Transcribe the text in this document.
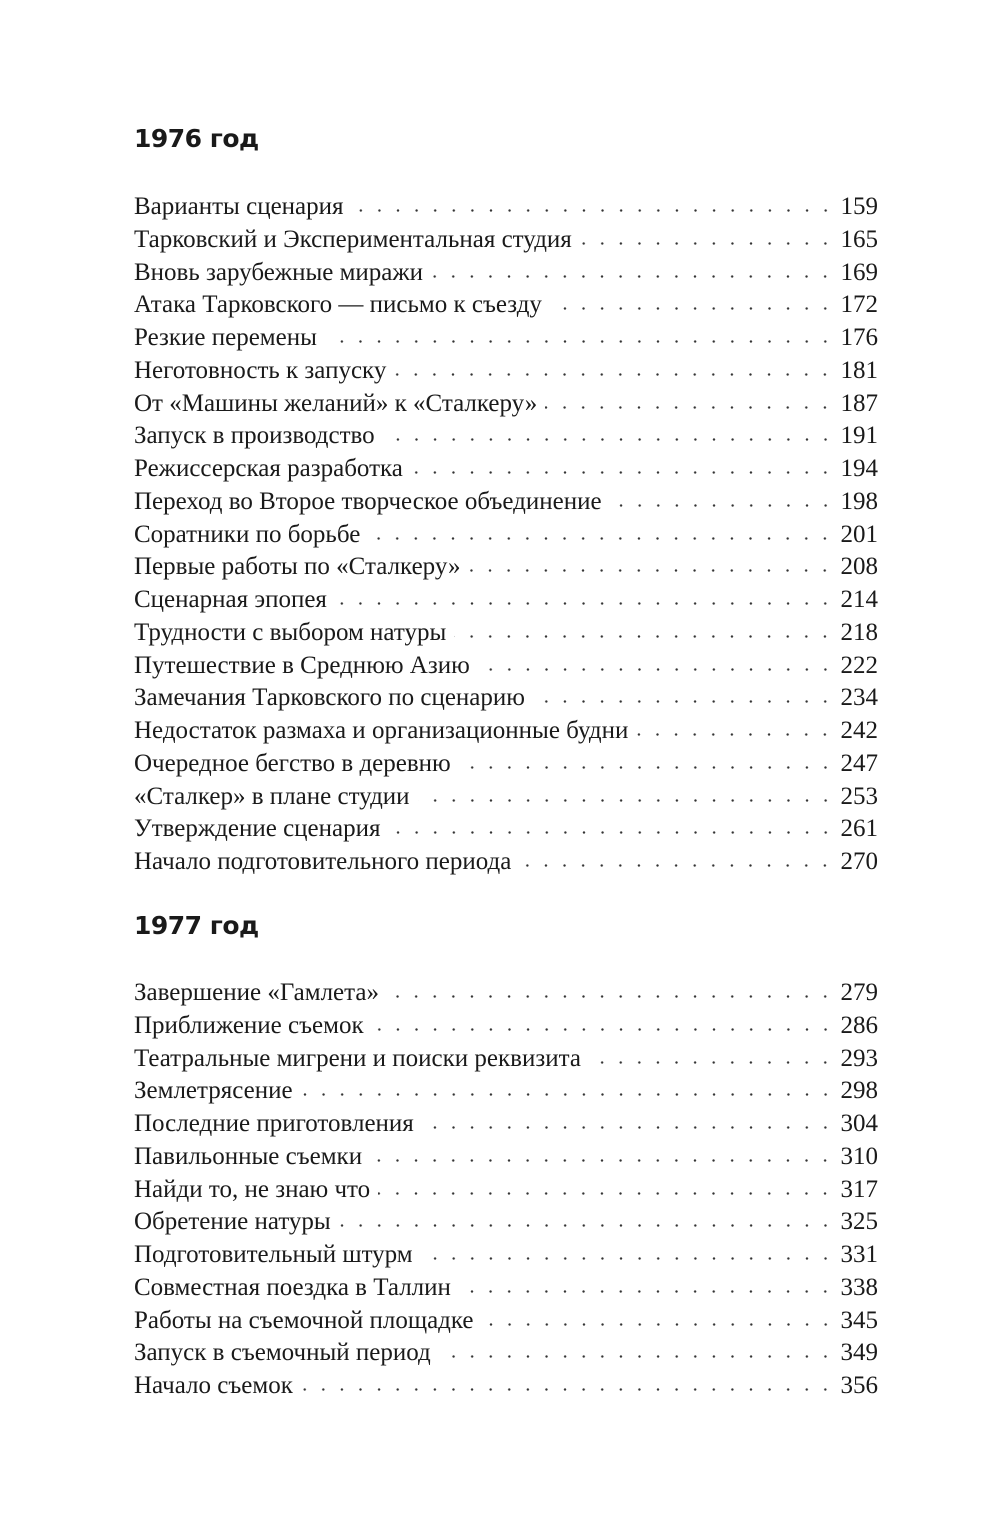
1976 год
Варианты сценария	159
Тарковский и Экспериментальная студия	165
Вновь зарубежные миражи	169
Атака Тарковского — письмо к съезду	172
Резкие перемены	176
Неготовность к запуску	181
От «Машины желаний» к «Сталкеру»	187
Запуск в производство	191
Режиссерская разработка	194
Переход во Второе творческое объединение	198
Соратники по борьбе	201
Первые работы по «Сталкеру»	208
Сценарная эпопея	214
Трудности с выбором натуры	218
Путешествие в Среднюю Азию	222
Замечания Тарковского по сценарию	234
Недостаток размаха и организационные будни	242
Очередное бегство в деревню	247
«Сталкер» в плане студии	253
Утверждение сценария	261
Начало подготовительного периода	270
1977 год
Завершение «Гамлета»	279
Приближение съемок	286
Театральные мигрени и поиски реквизита	293
Землетрясение	298
Последние приготовления	304
Павильонные съемки	310
Найди то, не знаю что	317
Обретение натуры	325
Подготовительный штурм	331
Совместная поездка в Таллин	338
Работы на съемочной площадке	345
Запуск в съемочный период	349
Начало съемок	356
